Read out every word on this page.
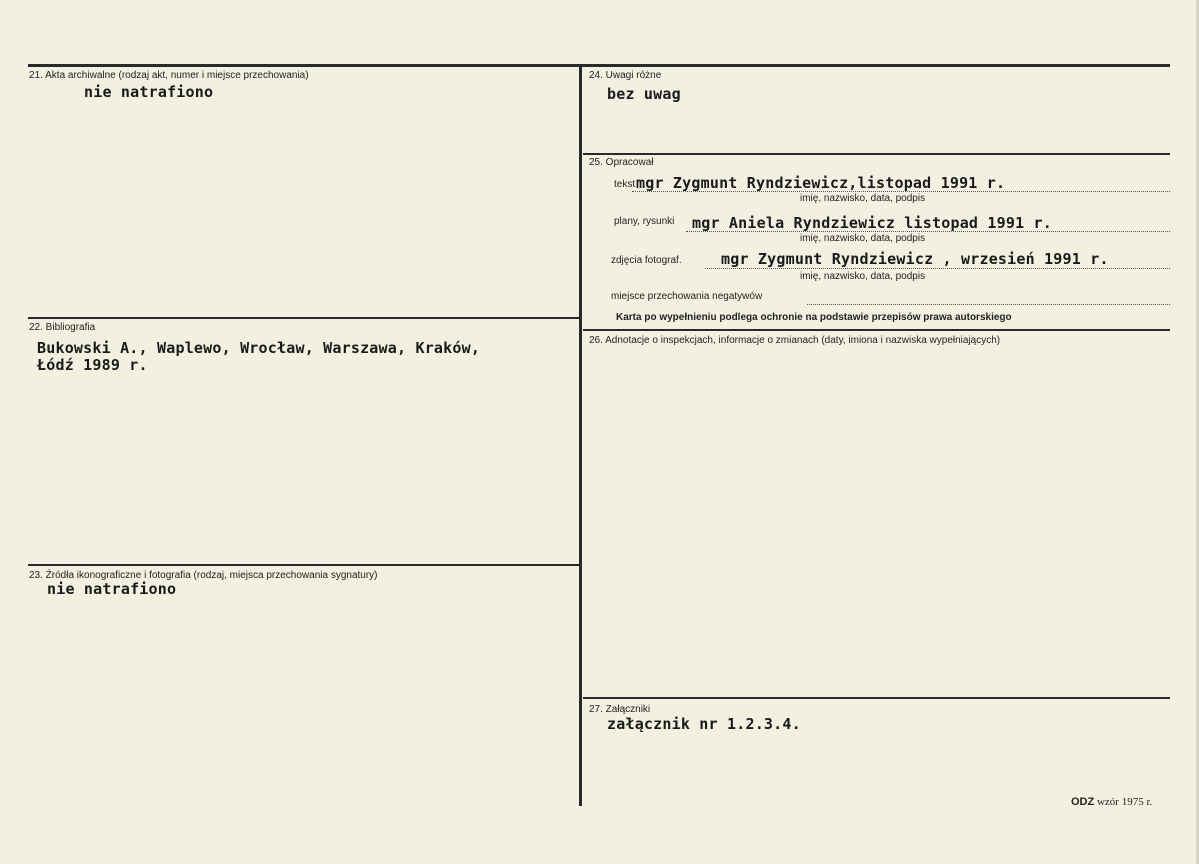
21. Akta archiwalne (rodzaj akt, numer i miejsce przechowania)
nie natrafiono
22. Bibliografia
Bukowski A., Waplewo, Wrocław, Warszawa, Kraków,
Łódź 1989 r.
23. Źródła ikonograficzne i fotografia (rodzaj, miejsca przechowania sygnatury)
nie natrafiono
24. Uwagi różne
bez uwag
25. Opracował
tekst mgr Zygmunt Ryndziewicz,listopad 1991 r.
imię, nazwisko, data, podpis
plany, rysunki mgr Aniela Ryndziewicz listopad 1991 r.
imię, nazwisko, data, podpis
zdjęcia fotograf.	mgr Zygmunt Ryndziewicz , wrzesień 1991 r.
imię, nazwisko, data, podpis
miejsce przechowania negatywów
Karta po wypełnieniu podlega ochronie na podstawie przepisów prawa autorskiego
26. Adnotacje o inspekcjach, informacje o zmianach (daty, imiona i nazwiska wypełniających)
27. Załączniki
załącznik nr 1.2.3.4.
ODZ wzór 1975 r.
